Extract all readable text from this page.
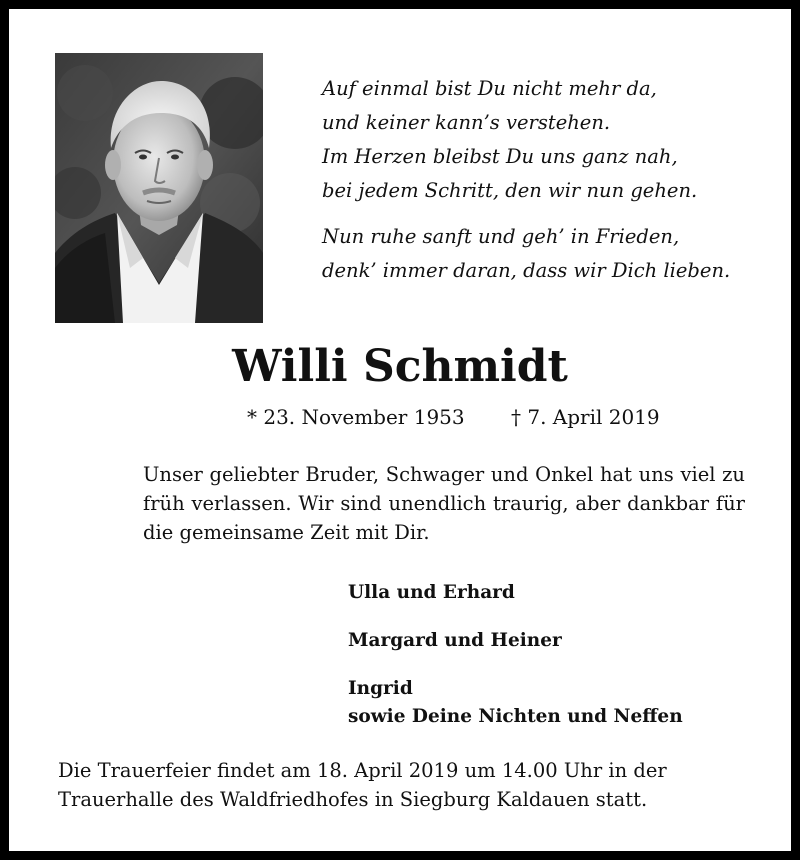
Auf einmal bist Du nicht mehr da,
und keiner kann’s verstehen.
Im Herzen bleibst Du uns ganz nah,
bei jedem Schritt, den wir nun gehen.
Nun ruhe sanft und geh’ in Frieden,
denk’ immer daran, dass wir Dich lieben.
Willi Schmidt
* 23. November 1953 † 7. April 2019
Unser geliebter Bruder, Schwager und Onkel hat uns viel zu früh verlassen. Wir sind unendlich traurig, aber dankbar für die gemeinsame Zeit mit Dir.
Ulla und Erhard
Margard und Heiner
Ingrid
sowie Deine Nichten und Neffen
Die Trauerfeier findet am 18. April 2019 um 14.00 Uhr in der Trauerhalle des Waldfriedhofes in Siegburg Kaldauen statt.
